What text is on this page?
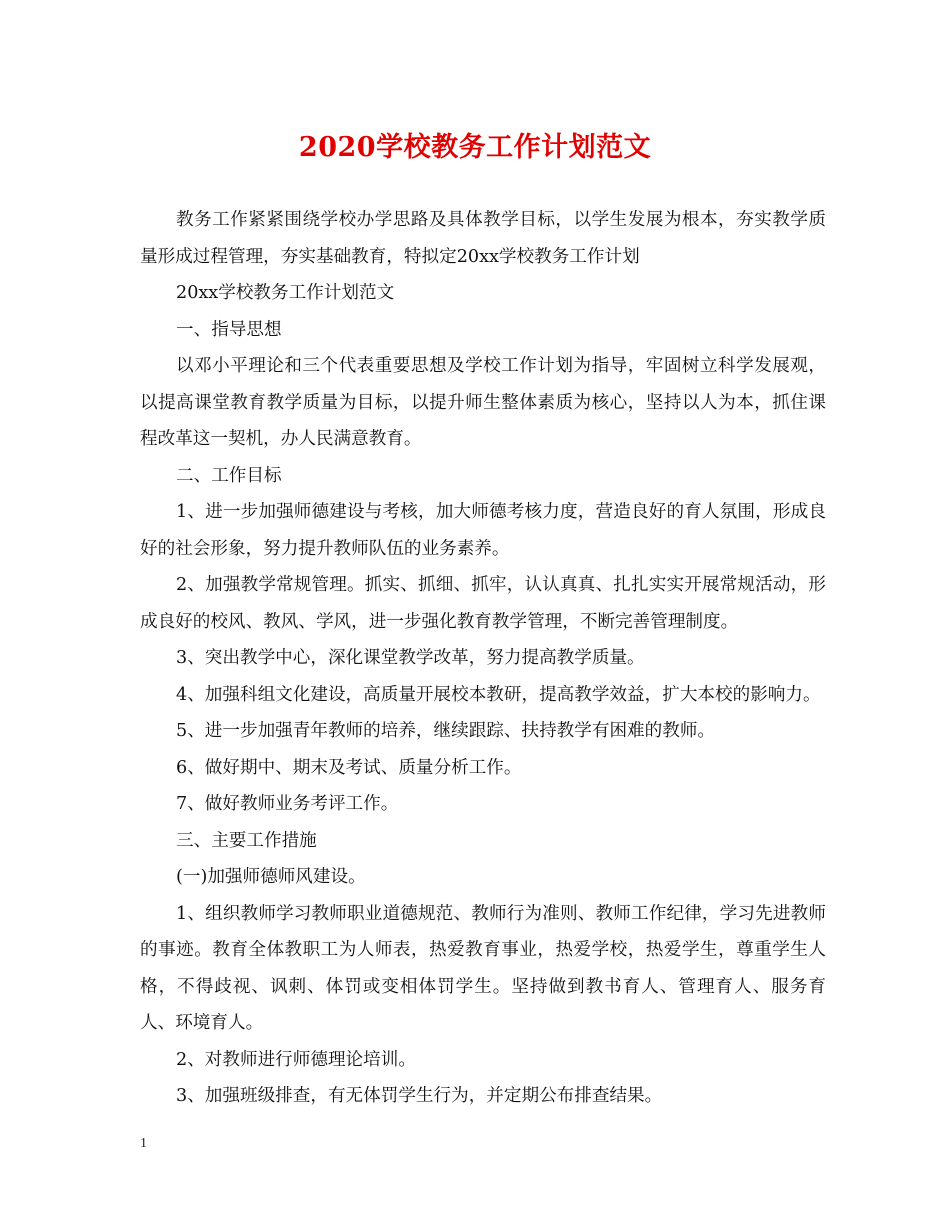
2020学校教务工作计划范文

教务工作紧紧围绕学校办学思路及具体教学目标，以学生发展为根本，夯实教学质量形成过程管理，夯实基础教育，特拟定20xx学校教务工作计划

20xx学校教务工作计划范文

一、指导思想

以邓小平理论和三个代表重要思想及学校工作计划为指导，牢固树立科学发展观，以提高课堂教育教学质量为目标，以提升师生整体素质为核心，坚持以人为本，抓住课程改革这一契机，办人民满意教育。

二、工作目标

1、进一步加强师德建设与考核，加大师德考核力度，营造良好的育人氛围，形成良好的社会形象，努力提升教师队伍的业务素养。

2、加强教学常规管理。抓实、抓细、抓牢，认认真真、扎扎实实开展常规活动，形成良好的校风、教风、学风，进一步强化教育教学管理，不断完善管理制度。

3、突出教学中心，深化课堂教学改革，努力提高教学质量。

4、加强科组文化建设，高质量开展校本教研，提高教学效益，扩大本校的影响力。

5、进一步加强青年教师的培养，继续跟踪、扶持教学有困难的教师。

6、做好期中、期末及考试、质量分析工作。

7、做好教师业务考评工作。

三、主要工作措施

(一)加强师德师风建设。

1、组织教师学习教师职业道德规范、教师行为准则、教师工作纪律，学习先进教师的事迹。教育全体教职工为人师表，热爱教育事业，热爱学校，热爱学生，尊重学生人格，不得歧视、讽刺、体罚或变相体罚学生。坚持做到教书育人、管理育人、服务育人、环境育人。

2、对教师进行师德理论培训。

3、加强班级排查，有无体罚学生行为，并定期公布排查结果。

1
